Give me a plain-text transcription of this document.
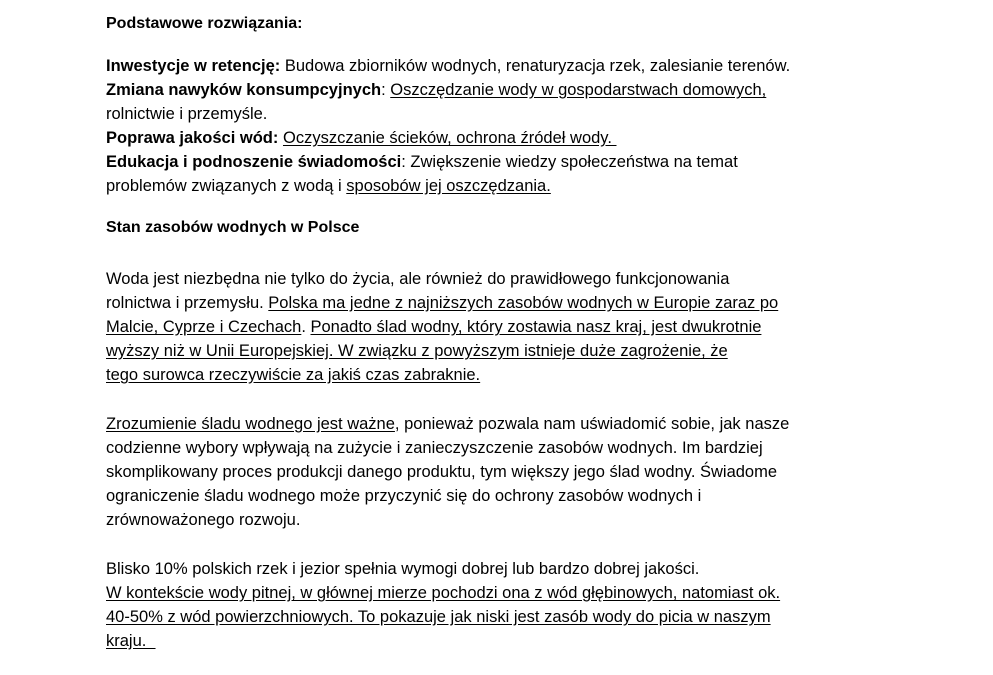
Podstawowe rozwiązania:

Inwestycje w retencję: Budowa zbiorników wodnych, renaturyzacja rzek, zalesianie terenów.
Zmiana nawyków konsumpcyjnych: Oszczędzanie wody w gospodarstwach domowych,
rolnictwie i przemyśle.
Poprawa jakości wód: Oczyszczanie ścieków, ochrona źródeł wody.
Edukacja i podnoszenie świadomości: Zwiększenie wiedzy społeczeństwa na temat
problemów związanych z wodą i sposobów jej oszczędzania.

Stan zasobów wodnych w Polsce

Woda jest niezbędna nie tylko do życia, ale również do prawidłowego funkcjonowania
rolnictwa i przemysłu. Polska ma jedne z najniższych zasobów wodnych w Europie zaraz po
Malcie, Cyprze i Czechach. Ponadto ślad wodny, który zostawia nasz kraj, jest dwukrotnie
wyższy niż w Unii Europejskiej. W związku z powyższym istnieje duże zagrożenie, że
tego surowca rzeczywiście za jakiś czas zabraknie.
Zrozumienie śladu wodnego jest ważne, ponieważ pozwala nam uświadomić sobie, jak nasze
codzienne wybory wpływają na zużycie i zanieczyszczenie zasobów wodnych. Im bardziej
skomplikowany proces produkcji danego produktu, tym większy jego ślad wodny. Świadome
ograniczenie śladu wodnego może przyczynić się do ochrony zasobów wodnych i
zrównoważonego rozwoju.
Blisko 10% polskich rzek i jezior spełnia wymogi dobrej lub bardzo dobrej jakości.
W kontekście wody pitnej, w głównej mierze pochodzi ona z wód głębinowych, natomiast ok.
40-50% z wód powierzchniowych. To pokazuje jak niski jest zasób wody do picia w naszym
kraju.
